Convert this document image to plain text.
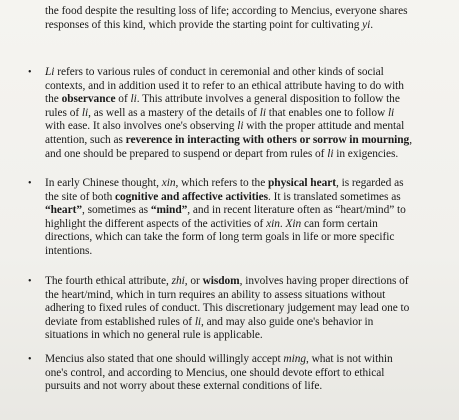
the food despite the resulting loss of life; according to Mencius, everyone shares
responses of this kind, which provide the starting point for cultivating yi.
• Li refers to various rules of conduct in ceremonial and other kinds of social
contexts, and in addition used it to refer to an ethical attribute having to do with
the observance of li. This attribute involves a general disposition to follow the
rules of li, as well as a mastery of the details of li that enables one to follow li
with ease. It also involves one's observing li with the proper attitude and mental
attention, such as reverence in interacting with others or sorrow in mourning,
and one should be prepared to suspend or depart from rules of li in exigencies.
• In early Chinese thought, xin, which refers to the physical heart, is regarded as
the site of both cognitive and affective activities. It is translated sometimes as
“heart”, sometimes as “mind”, and in recent literature often as “heart/mind” to
highlight the different aspects of the activities of xin. Xin can form certain
directions, which can take the form of long term goals in life or more specific
intentions.
• The fourth ethical attribute, zhi, or wisdom, involves having proper directions of
the heart/mind, which in turn requires an ability to assess situations without
adhering to fixed rules of conduct. This discretionary judgement may lead one to
deviate from established rules of li, and may also guide one's behavior in
situations in which no general rule is applicable.
• Mencius also stated that one should willingly accept ming, what is not within
one's control, and according to Mencius, one should devote effort to ethical
pursuits and not worry about these external conditions of life.
